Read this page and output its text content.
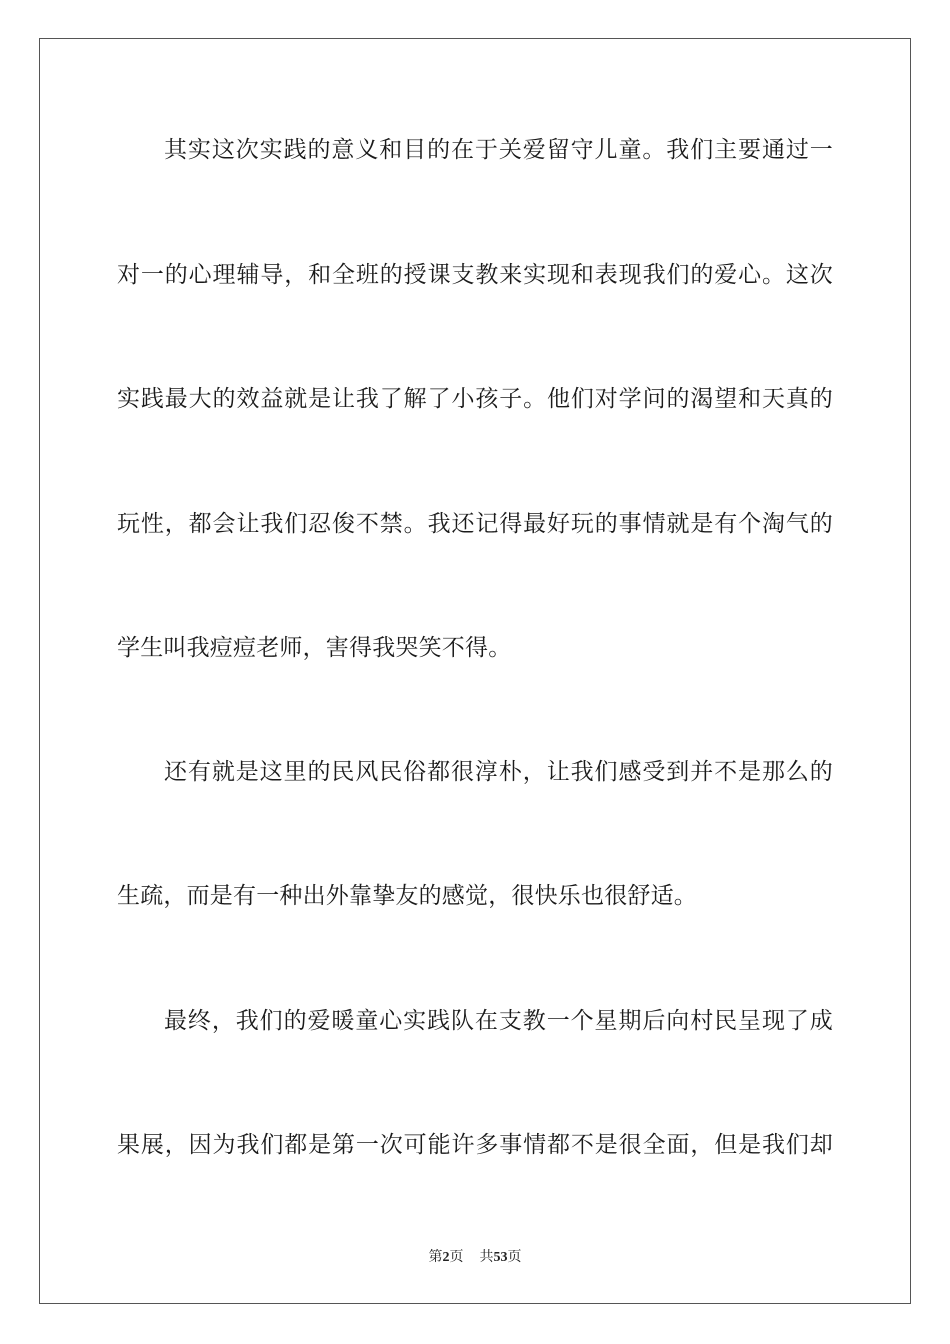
其实这次实践的意义和目的在于关爱留守儿童。我们主要通过一
对一的心理辅导，和全班的授课支教来实现和表现我们的爱心。这次
实践最大的效益就是让我了解了小孩子。他们对学问的渴望和天真的
玩性，都会让我们忍俊不禁。我还记得最好玩的事情就是有个淘气的
学生叫我痘痘老师，害得我哭笑不得。
还有就是这里的民风民俗都很淳朴，让我们感受到并不是那么的
生疏，而是有一种出外靠挚友的感觉，很快乐也很舒适。
最终，我们的爱暖童心实践队在支教一个星期后向村民呈现了成
果展，因为我们都是第一次可能许多事情都不是很全面，但是我们却
第2页 共53页
